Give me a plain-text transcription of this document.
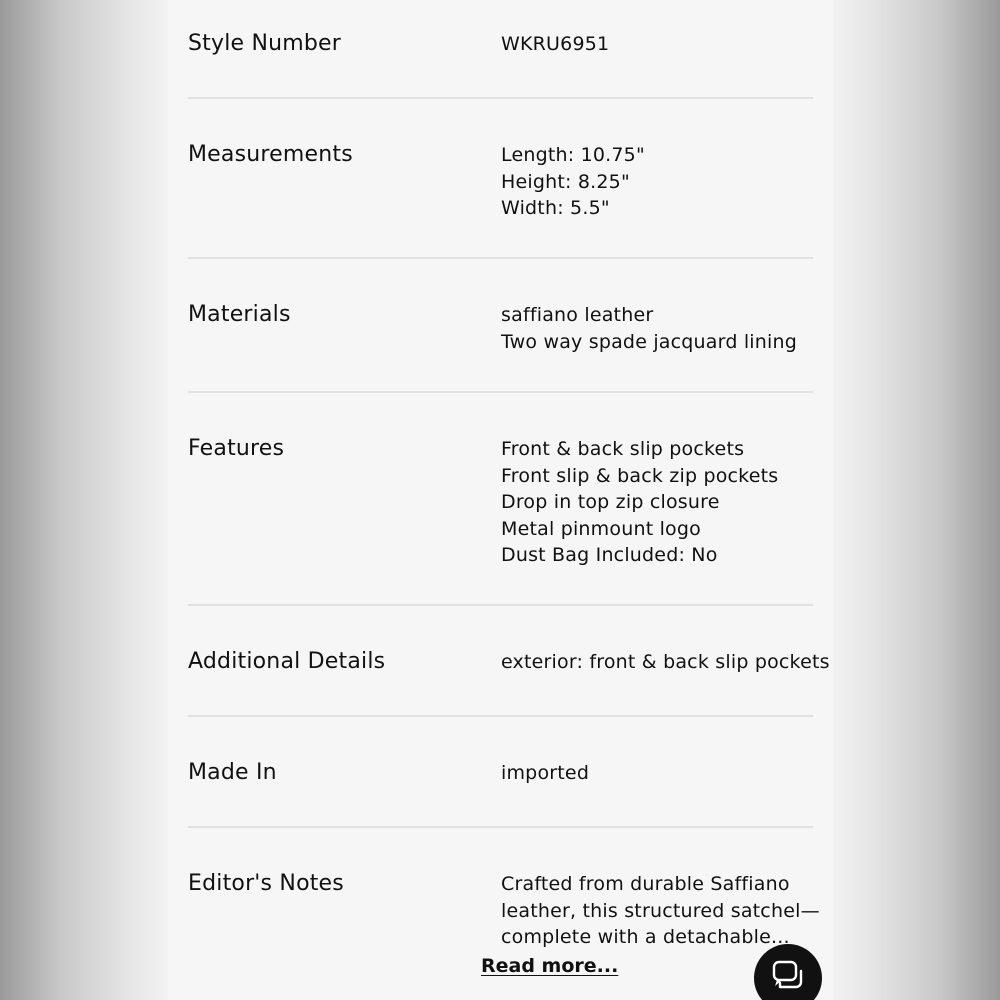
Style Number	WKRU6951
Measurements	Length: 10.75"
Height: 8.25"
Width: 5.5"
Materials	saffiano leather
Two way spade jacquard lining
Features	Front & back slip pockets
Front slip & back zip pockets
Drop in top zip closure
Metal pinmount logo
Dust Bag Included: No
Additional Details	exterior: front & back slip pockets
Made In	imported
Editor's Notes	Crafted from durable Saffiano
leather, this structured satchel—
complete with a detachable...
Read more...
